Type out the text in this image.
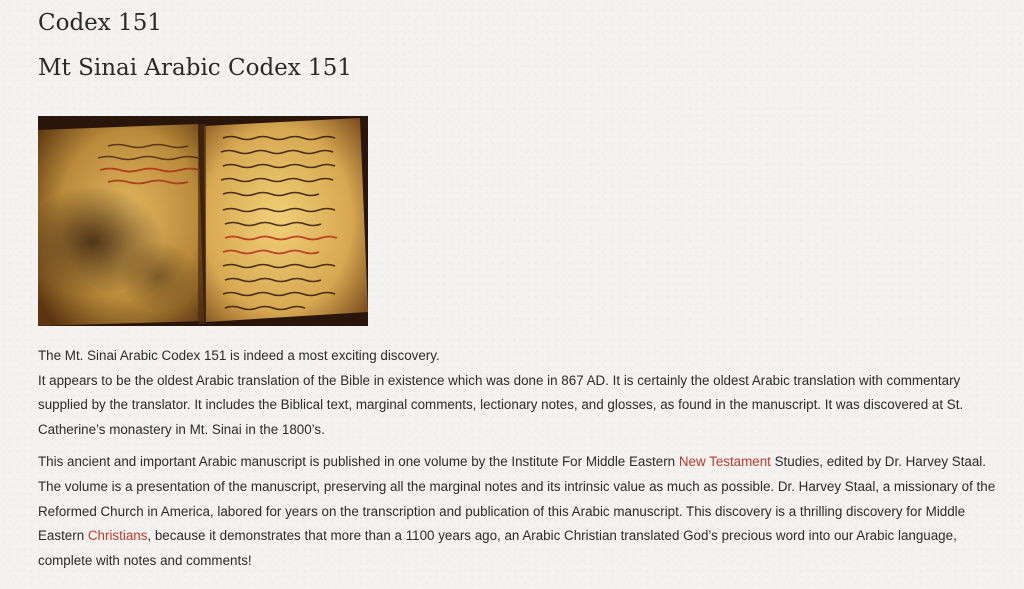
Codex 151
Mt Sinai Arabic Codex 151

The Mt. Sinai Arabic Codex 151 is indeed a most exciting discovery.
It appears to be the oldest Arabic translation of the Bible in existence which was done in 867 AD. It is certainly the oldest Arabic translation with commentary supplied by the translator. It includes the Biblical text, marginal comments, lectionary notes, and glosses, as found in the manuscript. It was discovered at St. Catherine’s monastery in Mt. Sinai in the 1800’s.

This ancient and important Arabic manuscript is published in one volume by the Institute For Middle Eastern New Testament Studies, edited by Dr. Harvey Staal. The volume is a presentation of the manuscript, preserving all the marginal notes and its intrinsic value as much as possible. Dr. Harvey Staal, a missionary of the Reformed Church in America, labored for years on the transcription and publication of this Arabic manuscript. This discovery is a thrilling discovery for Middle Eastern Christians, because it demonstrates that more than a 1100 years ago, an Arabic Christian translated God’s precious word into our Arabic language, complete with notes and comments!
